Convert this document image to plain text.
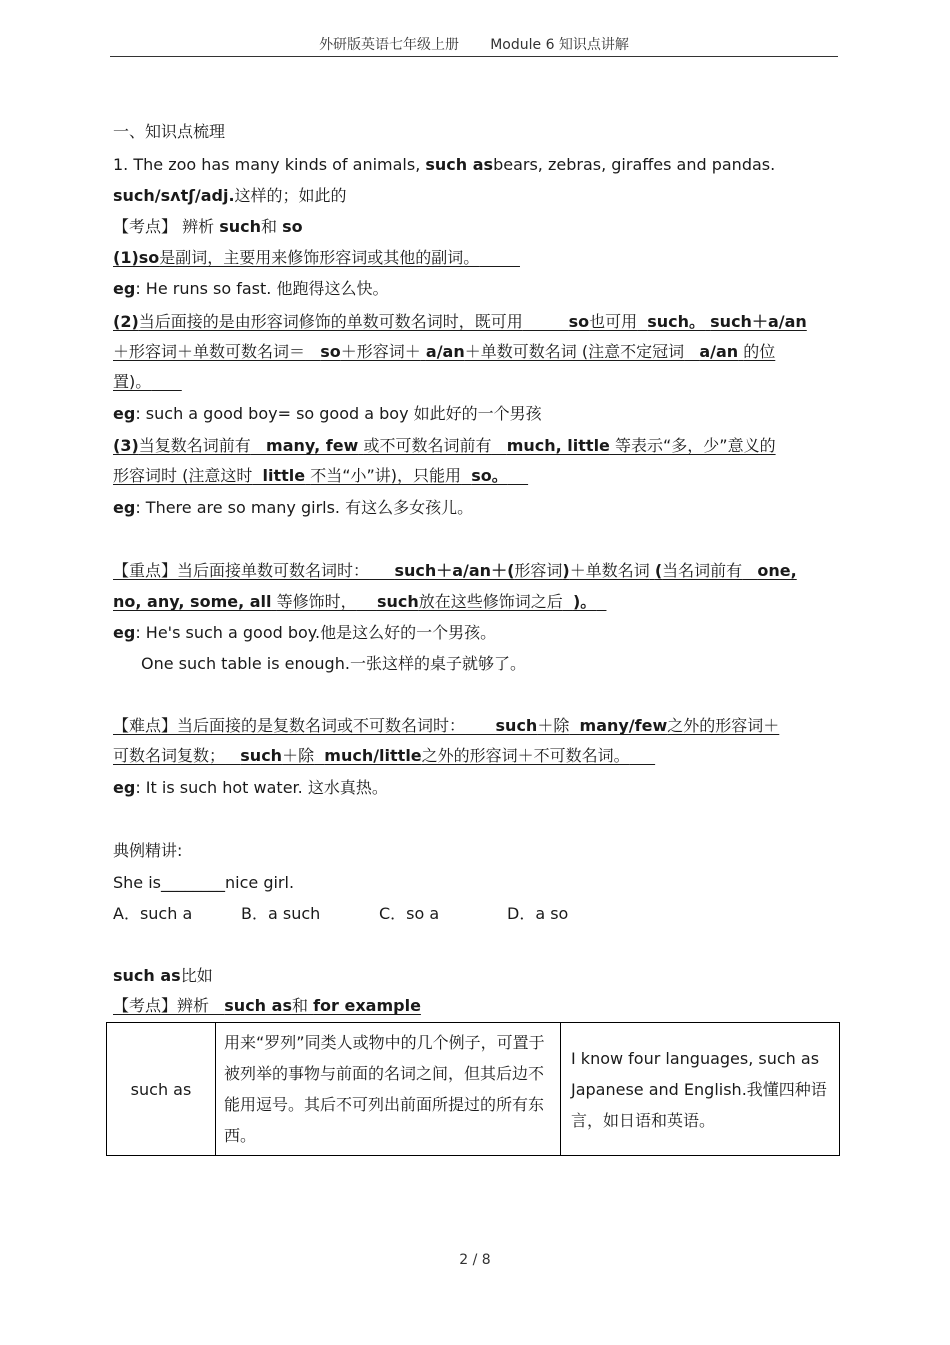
外研版英语七年级上册 Module 6 知识点讲解
一、知识点梳理
1. The zoo has many kinds of animals, such asbears, zebras, giraffes and pandas.
such/sʌtʃ/adj.这样的；如此的
【考点】 辨析 such和 so
(1)so是副词，主要用来修饰形容词或其他的副词。
eg: He runs so fast. 他跑得这么快。
(2)当后面接的是由形容词修饰的单数可数名词时，既可用	so也可用 such。 such＋a/an
＋形容词＋单数可数名词＝ so＋形容词＋ a/an＋单数可数名词 (注意不定冠词 a/an 的位
置)。
eg: such a good boy= so good a boy 如此好的一个男孩
(3)当复数名词前有 many, few 或不可数名词前有 much, little 等表示“多，少”意义的
形容词时 (注意这时 little 不当“小”讲)，只能用 so。
eg: There are so many girls. 有这么多女孩儿。
【重点】当后面接单数可数名词时： such＋a/an＋(形容词)＋单数名词 (当名词前有 one,
no, any, some, all 等修饰时， such放在这些修饰词之后 )。
eg: He's such a good boy.他是这么好的一个男孩。
One such table is enough.一张这样的桌子就够了。
【难点】当后面接的是复数名词或不可数名词时： such＋除 many/few之外的形容词＋
可数名词复数； such＋除 much/little之外的形容词＋不可数名词。
eg: It is such hot water. 这水真热。
典例精讲:
She is________nice girl.
A．such a	B．a such	C．so a	D．a so
such as比如
【考点】辨析 such as和 for example
such as	用来“罗列”同类人或物中的几个例子，可置于被列举的事物与前面的名词之间，但其后边不能用逗号。其后不可列出前面所提过的所有东西。	I know four languages, such as Japanese and English.我懂四种语言，如日语和英语。
2 / 8
